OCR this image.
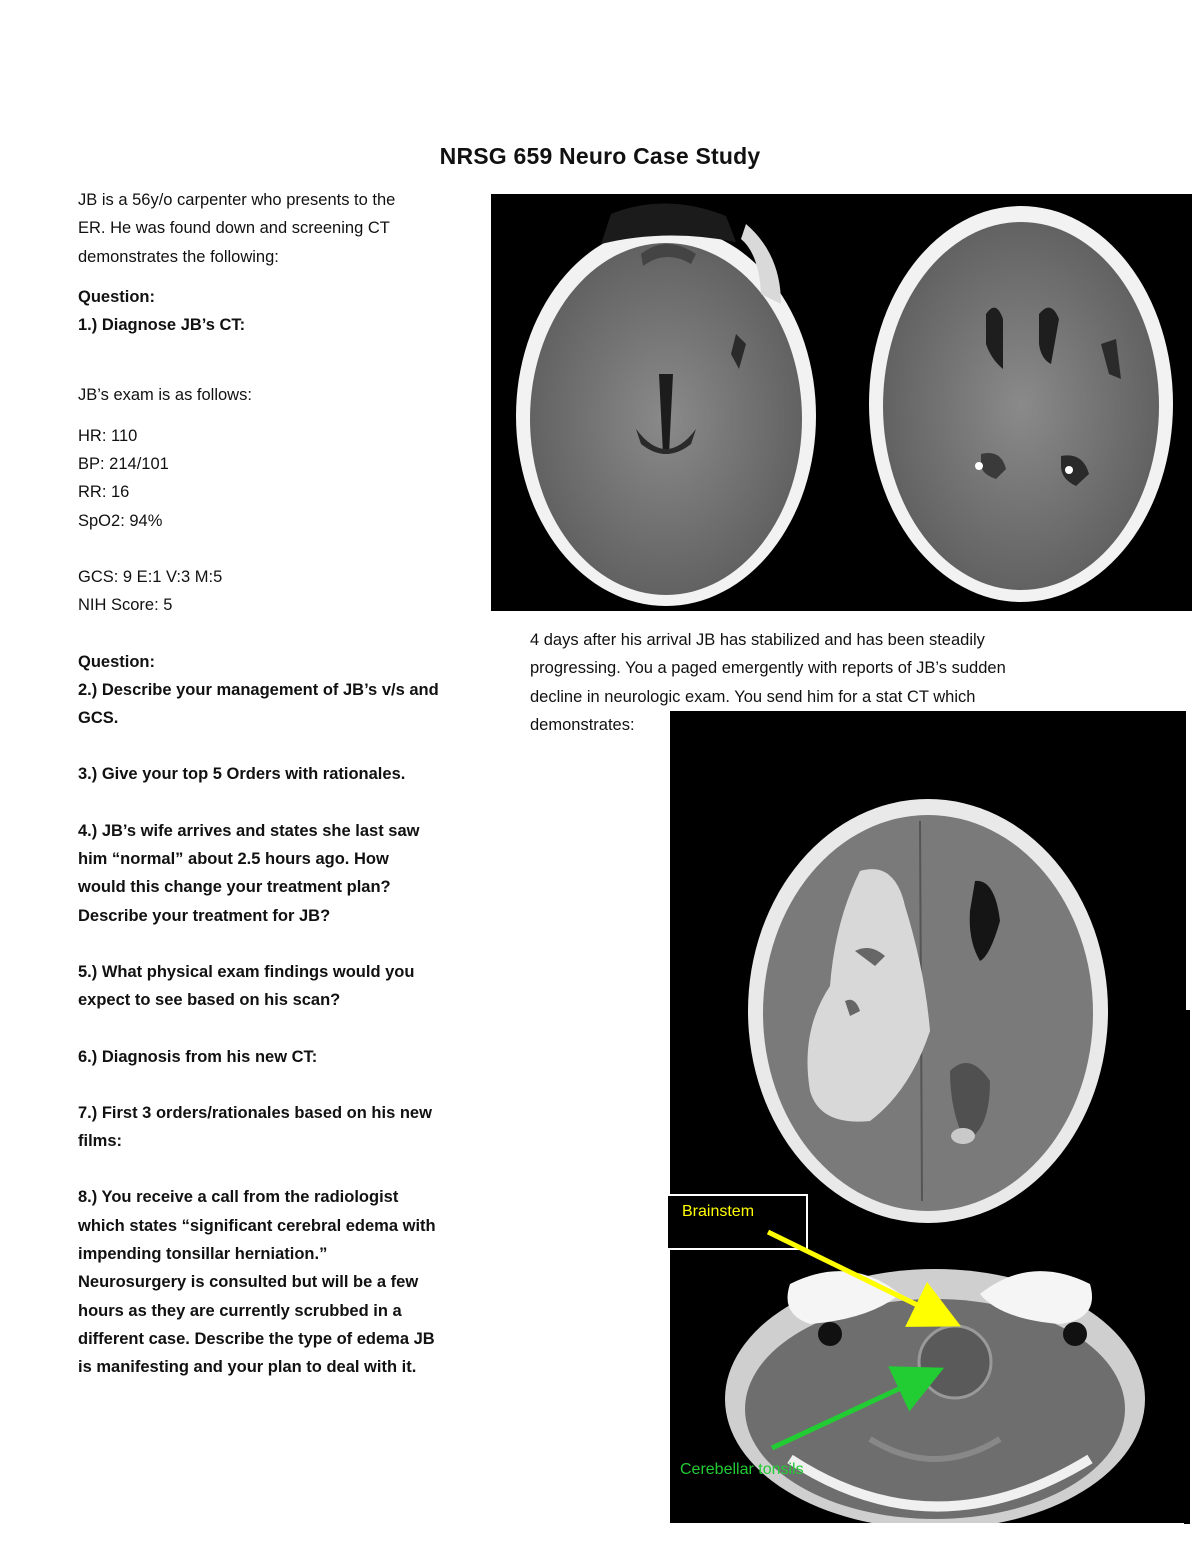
NRSG 659 Neuro Case Study

JB is a 56y/o carpenter who presents to the

ER. He was found down and screening CT

demonstrates the following:

Question:

1.) Diagnose JB’s CT:

JB’s exam is as follows:

HR: 110

BP: 214/101

RR: 16

SpO2: 94%

GCS: 9 E:1 V:3 M:5

NIH Score: 5

Question:

2.) Describe your management of JB’s v/s and

GCS.

3.) Give your top 5 Orders with rationales.

4.) JB’s wife arrives and states she last saw

him “normal” about 2.5 hours ago. How

would this change your treatment plan?

Describe your treatment for JB?

5.) What physical exam findings would you

expect to see based on his scan?

6.) Diagnosis from his new CT:

7.) First 3 orders/rationales based on his new

films:

8.) You receive a call from the radiologist

which states “significant cerebral edema with

impending tonsillar herniation.”

Neurosurgery is consulted but will be a few

hours as they are currently scrubbed in a

different case. Describe the type of edema JB

is manifesting and your plan to deal with it.

4 days after his arrival JB has stabilized and has been steadily

progressing. You a paged emergently with reports of JB’s sudden

decline in neurologic exam. You send him for a stat CT which

demonstrates:

Brainstem
Cerebellar tonsils
